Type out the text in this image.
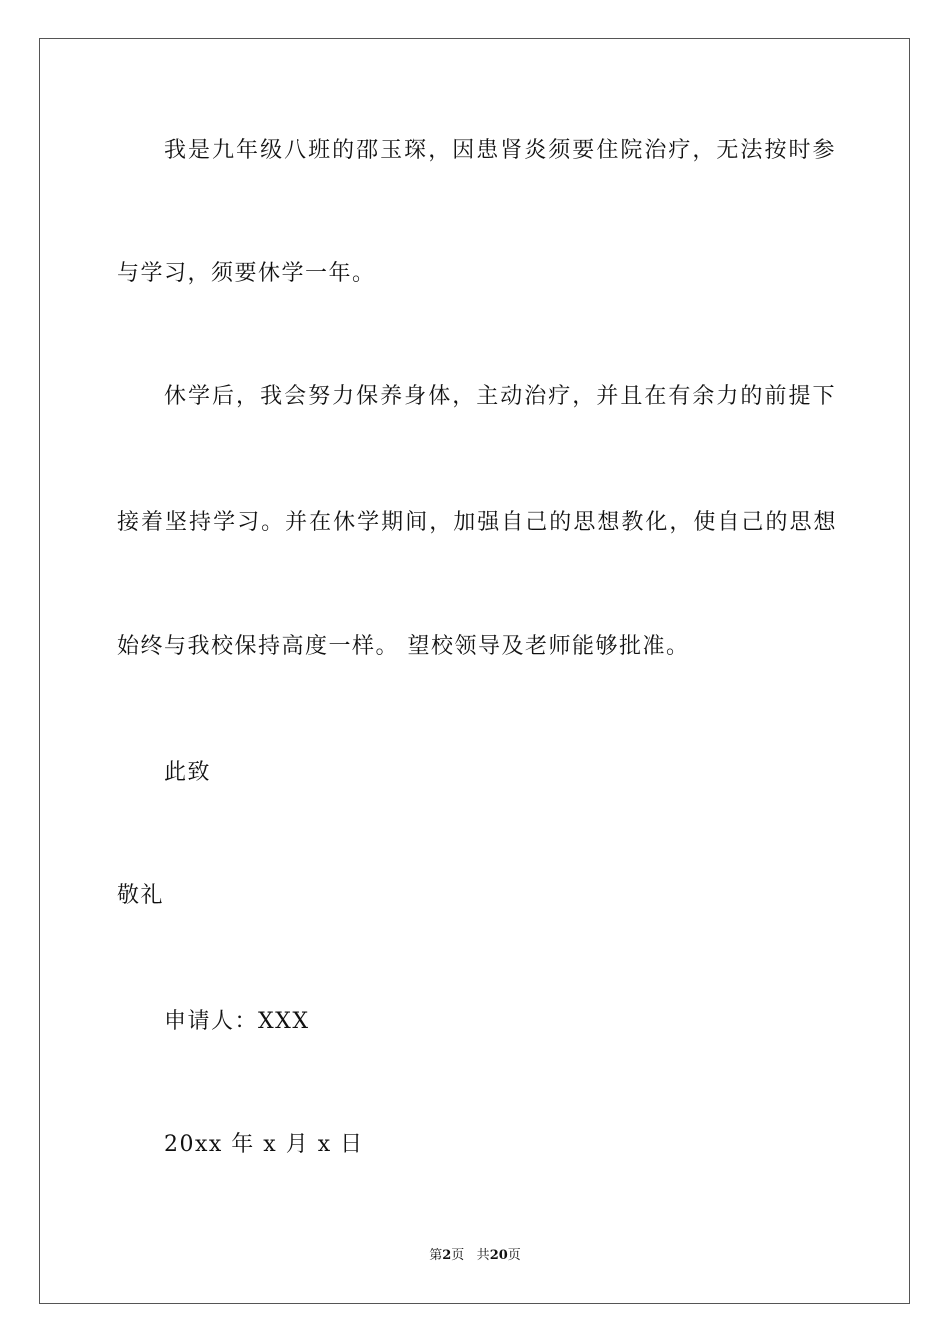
我是九年级八班的邵玉琛，因患肾炎须要住院治疗，无法按时参
与学习，须要休学一年。
休学后，我会努力保养身体，主动治疗，并且在有余力的前提下
接着坚持学习。并在休学期间，加强自己的思想教化，使自己的思想
始终与我校保持高度一样。 望校领导及老师能够批准。
此致
敬礼
申请人：XXX
20xx 年 x 月 x 日
第2页 共20页
